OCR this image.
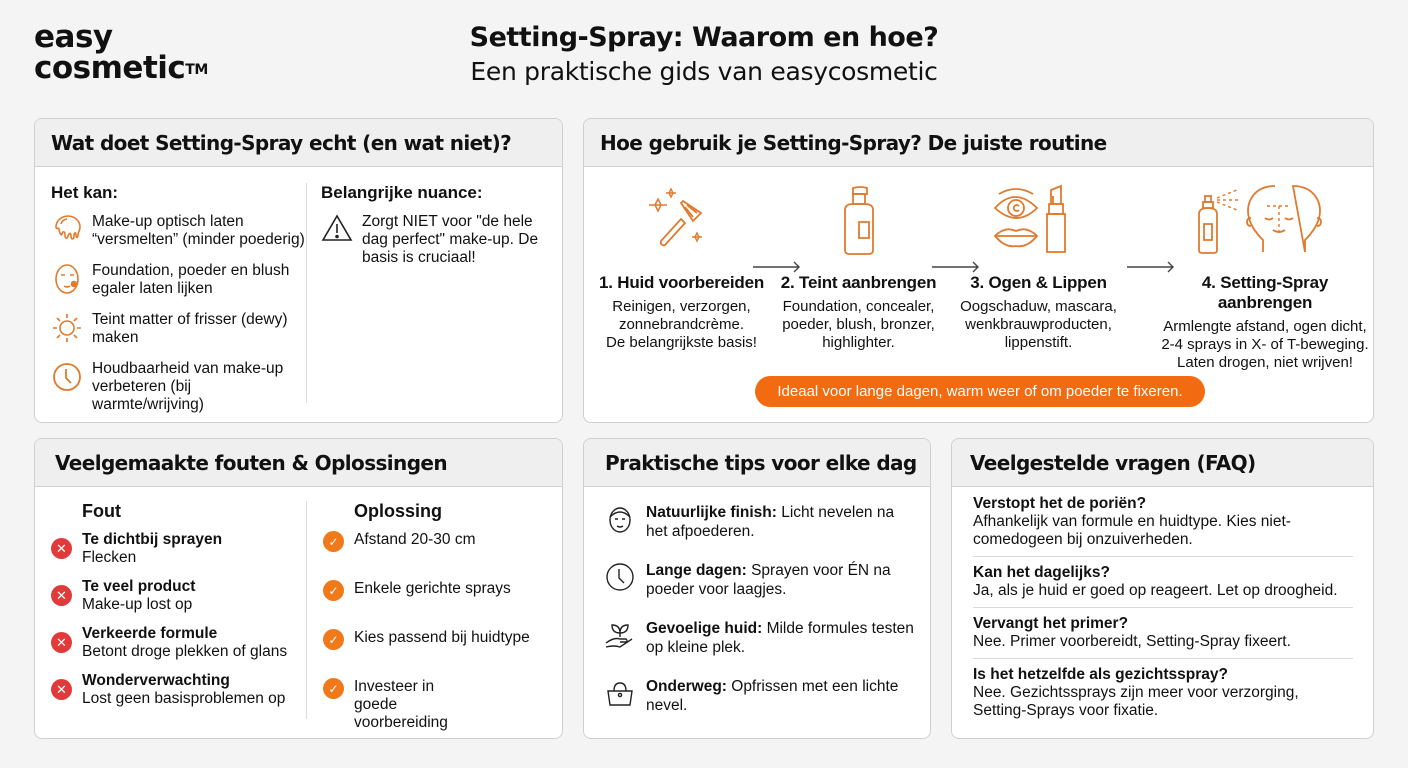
easy
cosmetic™
Setting-Spray: Waarom en hoe?
Een praktische gids van easycosmetic
Wat doet Setting-Spray echt (en wat niet)?
Het kan:
Make-up optisch laten “versmelten” (minder poederig)
Foundation, poeder en blush egaler laten lijken
Teint matter of frisser (dewy) maken
Houdbaarheid van make-up verbeteren (bij warmte/wrijving)
Belangrijke nuance:
Zorgt NIET voor "de hele dag perfect" make-up. De basis is cruciaal!
Hoe gebruik je Setting-Spray? De juiste routine
1. Huid voorbereiden

Reinigen, verzorgen,
zonnebrandcrème.
De belangrijkste basis!

2. Teint aanbrengen

Foundation, concealer,
poeder, blush, bronzer,
highlighter.

3. Ogen & Lippen

Oogschaduw, mascara,
wenkbrauwproducten,
lippenstift.

4. Setting-Spray aanbrengen

Armlengte afstand, ogen dicht,
2-4 sprays in X- of T-beweging.
Laten drogen, niet wrijven!

Ideaal voor lange dagen, warm weer of om poeder te fixeren.
Veelgemaakte fouten & Oplossingen
Fout
✕ Te dichtbij sprayen
Flecken
✕ Te veel product
Make-up lost op
✕ Verkeerde formule
Betont droge plekken of glans
✕ Wonderverwachting
Lost geen basisproblemen op
Oplossing
✓ Afstand 20-30 cm
✓ Enkele gerichte sprays
✓ Kies passend bij huidtype
✓ Investeer in goede voorbereiding
Praktische tips voor elke dag
Natuurlijke finish: Licht nevelen na het afpoederen.
Lange dagen: Sprayen voor ÉN na poeder voor laagjes.
Gevoelige huid: Milde formules testen op kleine plek.
Onderweg: Opfrissen met een lichte nevel.
Veelgestelde vragen (FAQ)
Verstopt het de poriën?
Afhankelijk van formule en huidtype. Kies niet-comedogeen bij onzuiverheden.
Kan het dagelijks?
Ja, als je huid er goed op reageert. Let op droogheid.
Vervangt het primer?
Nee. Primer voorbereidt, Setting-Spray fixeert.
Is het hetzelfde als gezichtsspray?
Nee. Gezichtssprays zijn meer voor verzorging, Setting-Sprays voor fixatie.
